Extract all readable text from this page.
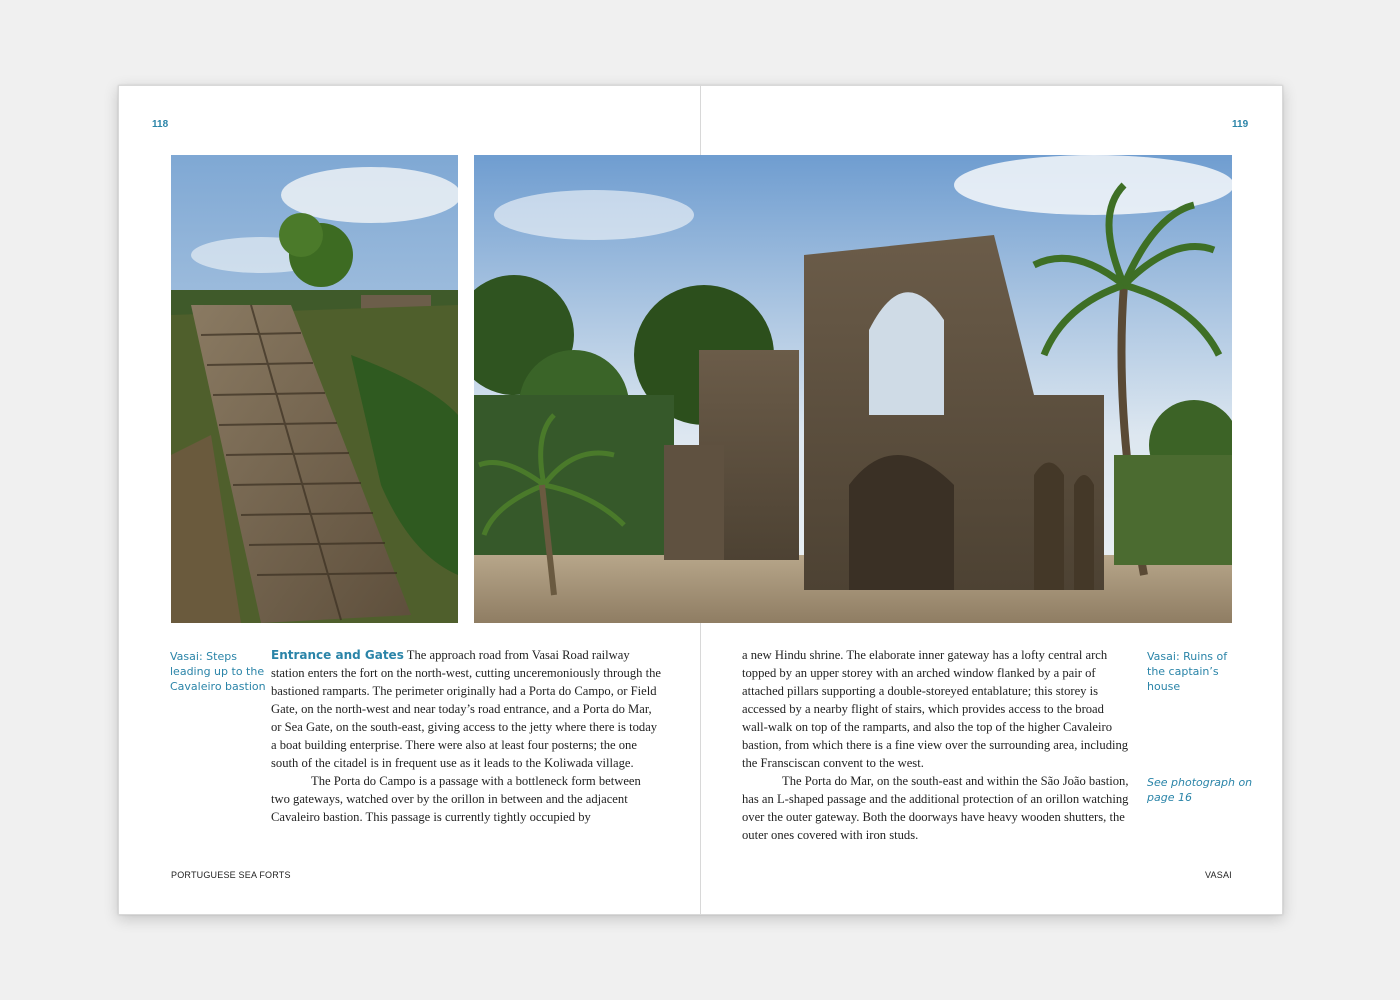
118	119
Vasai: Steps
leading up to the
Cavaleiro bastion

Entrance and Gates The approach road from Vasai Road railway station enters the fort on the north-west, cutting unceremoniously through the bastioned ramparts. The perimeter originally had a Porta do Campo, or Field Gate, on the north-west and near today’s road entrance, and a Porta do Mar, or Sea Gate, on the south-east, giving access to the jetty where there is today a boat building enterprise. There were also at least four posterns; the one south of the citadel is in frequent use as it leads to the Koliwada village.

The Porta do Campo is a passage with a bottleneck form between two gateways, watched over by the orillon in between and the adjacent Cavaleiro bastion. This passage is currently tightly occupied by

a new Hindu shrine. The elaborate inner gateway has a lofty central arch topped by an upper storey with an arched window flanked by a pair of attached pillars supporting a double-storeyed entablature; this storey is accessed by a nearby flight of stairs, which provides access to the broad wall-walk on top of the ramparts, and also the top of the higher Cavaleiro bastion, from which there is a fine view over the surrounding area, including the Fransciscan convent to the west.

The Porta do Mar, on the south-east and within the São João bastion, has an L-shaped passage and the additional protection of an orillon watching over the outer gateway. Both the doorways have heavy wooden shutters, the outer ones covered with iron studs.

Vasai: Ruins of
the captain’s
house
See photograph on
page 16
PORTUGUESE SEA FORTS	VASAI
